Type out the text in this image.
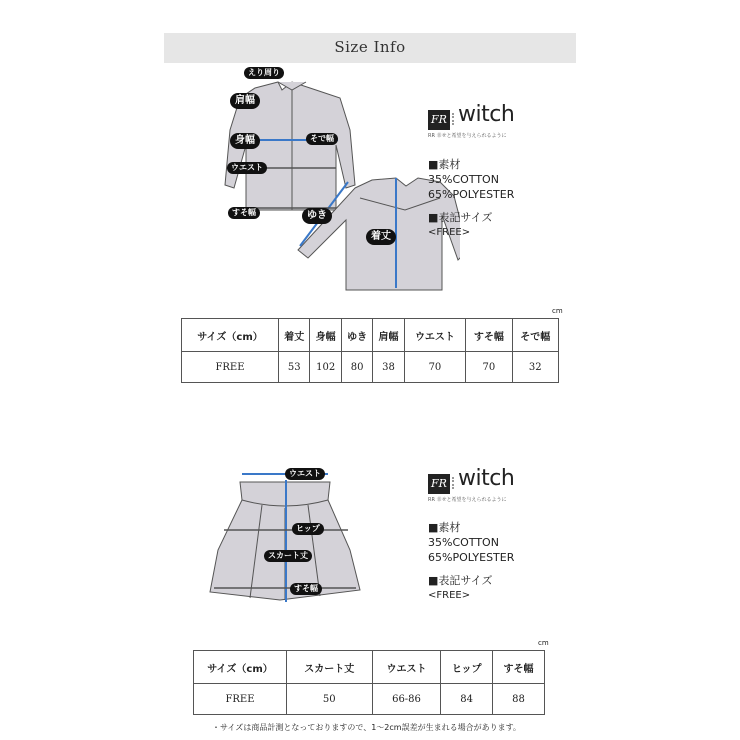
Size Info
えり周り
肩幅
身幅	そで幅
ウエスト
すそ幅	ゆき
着丈
FR witch
RR 幸せと希望を与えられるように
■素材
35%COTTON
65%POLYESTER
■表記サイズ
<FREE>
cm
サイズ（cm）	着丈	身幅	ゆき	肩幅	ウエスト	すそ幅	そで幅
FREE	53	102	80	38	70	70	32
ウエスト
ヒップ
スカート丈
すそ幅
FR witch
RR 幸せと希望を与えられるように
■素材
35%COTTON
65%POLYESTER
■表記サイズ
<FREE>
cm
サイズ（cm）	スカート丈	ウエスト	ヒップ	すそ幅
FREE	50	66-86	84	88
・サイズは商品計測となっておりますので、1〜2cm誤差が生まれる場合があります。
